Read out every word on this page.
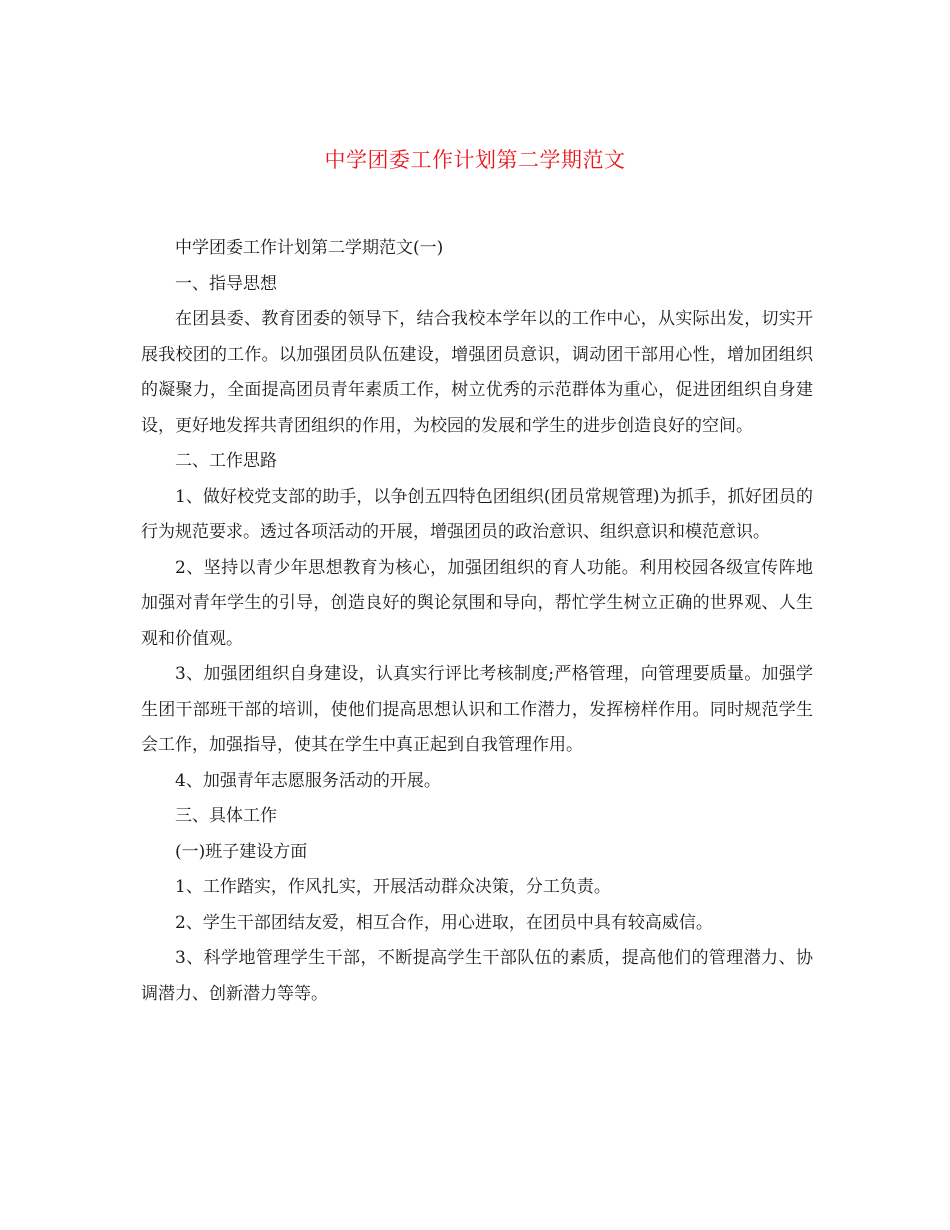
中学团委工作计划第二学期范文

中学团委工作计划第二学期范文(一)

一、指导思想

在团县委、教育团委的领导下，结合我校本学年以的工作中心，从实际出发，切实开展我校团的工作。以加强团员队伍建设，增强团员意识，调动团干部用心性，增加团组织的凝聚力，全面提高团员青年素质工作，树立优秀的示范群体为重心，促进团组织自身建设，更好地发挥共青团组织的作用，为校园的发展和学生的进步创造良好的空间。

二、工作思路

1、做好校党支部的助手，以争创五四特色团组织(团员常规管理)为抓手，抓好团员的行为规范要求。透过各项活动的开展，增强团员的政治意识、组织意识和模范意识。

2、坚持以青少年思想教育为核心，加强团组织的育人功能。利用校园各级宣传阵地加强对青年学生的引导，创造良好的舆论氛围和导向，帮忙学生树立正确的世界观、人生观和价值观。

3、加强团组织自身建设，认真实行评比考核制度;严格管理，向管理要质量。加强学生团干部班干部的培训，使他们提高思想认识和工作潜力，发挥榜样作用。同时规范学生会工作，加强指导，使其在学生中真正起到自我管理作用。

4、加强青年志愿服务活动的开展。

三、具体工作

(一)班子建设方面

1、工作踏实，作风扎实，开展活动群众决策，分工负责。

2、学生干部团结友爱，相互合作，用心进取，在团员中具有较高威信。

3、科学地管理学生干部，不断提高学生干部队伍的素质，提高他们的管理潜力、协调潜力、创新潜力等等。
